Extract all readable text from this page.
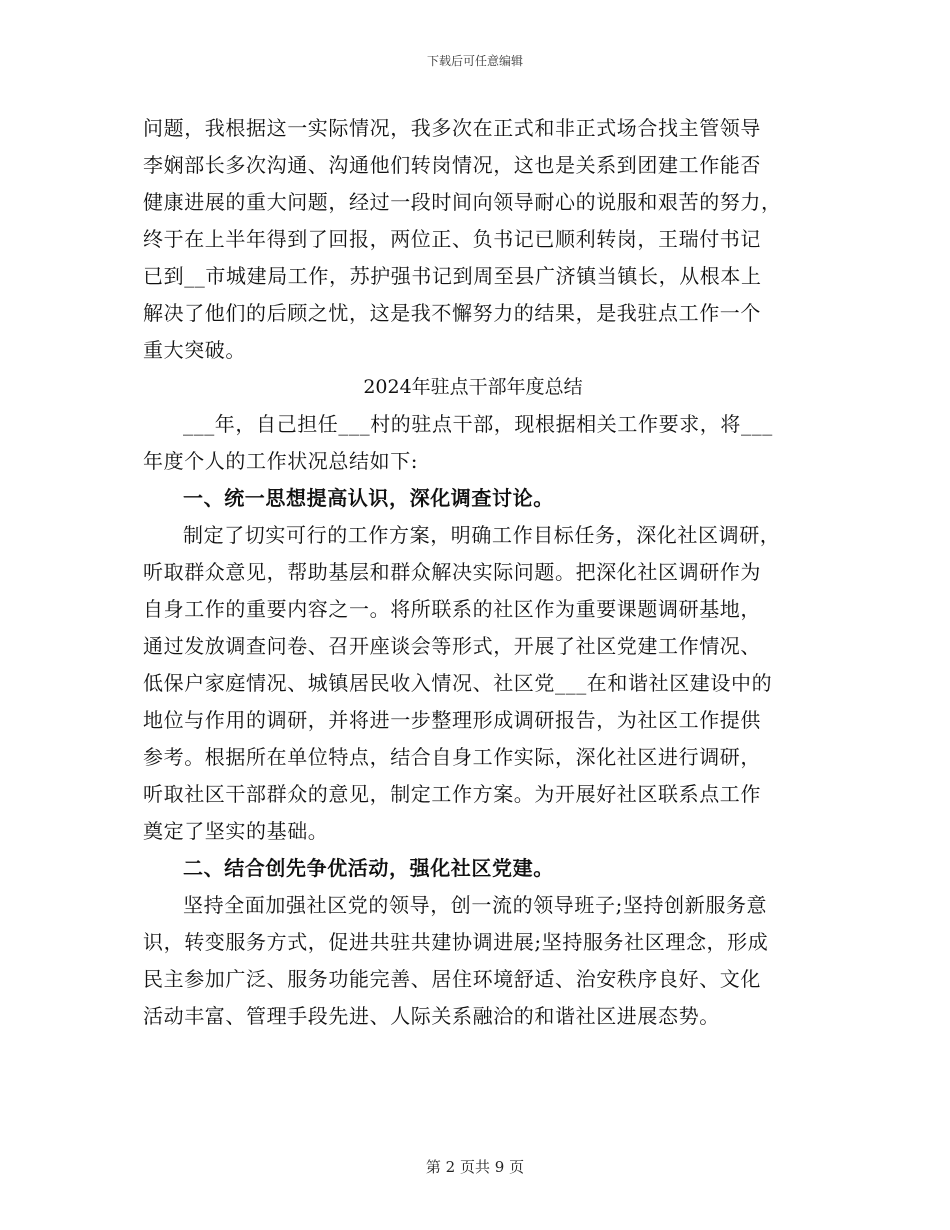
下载后可任意编辑
问题，我根据这一实际情况，我多次在正式和非正式场合找主管领导
李娴部长多次沟通、沟通他们转岗情况，这也是关系到团建工作能否
健康进展的重大问题，经过一段时间向领导耐心的说服和艰苦的努力，
终于在上半年得到了回报，两位正、负书记已顺利转岗，王瑞付书记
已到__市城建局工作，苏护强书记到周至县广济镇当镇长，从根本上
解决了他们的后顾之忧，这是我不懈努力的结果，是我驻点工作一个
重大突破。
2024年驻点干部年度总结
___年，自己担任___村的驻点干部，现根据相关工作要求，将___
年度个人的工作状况总结如下:
一、统一思想提高认识，深化调查讨论。
制定了切实可行的工作方案，明确工作目标任务，深化社区调研，
听取群众意见，帮助基层和群众解决实际问题。把深化社区调研作为
自身工作的重要内容之一。将所联系的社区作为重要课题调研基地，
通过发放调查问卷、召开座谈会等形式，开展了社区党建工作情况、
低保户家庭情况、城镇居民收入情况、社区党___在和谐社区建设中的
地位与作用的调研，并将进一步整理形成调研报告，为社区工作提供
参考。根据所在单位特点，结合自身工作实际，深化社区进行调研，
听取社区干部群众的意见，制定工作方案。为开展好社区联系点工作
奠定了坚实的基础。
二、结合创先争优活动，强化社区党建。
坚持全面加强社区党的领导，创一流的领导班子;坚持创新服务意
识，转变服务方式，促进共驻共建协调进展;坚持服务社区理念，形成
民主参加广泛、服务功能完善、居住环境舒适、治安秩序良好、文化
活动丰富、管理手段先进、人际关系融洽的和谐社区进展态势。
第 2 页共 9 页
